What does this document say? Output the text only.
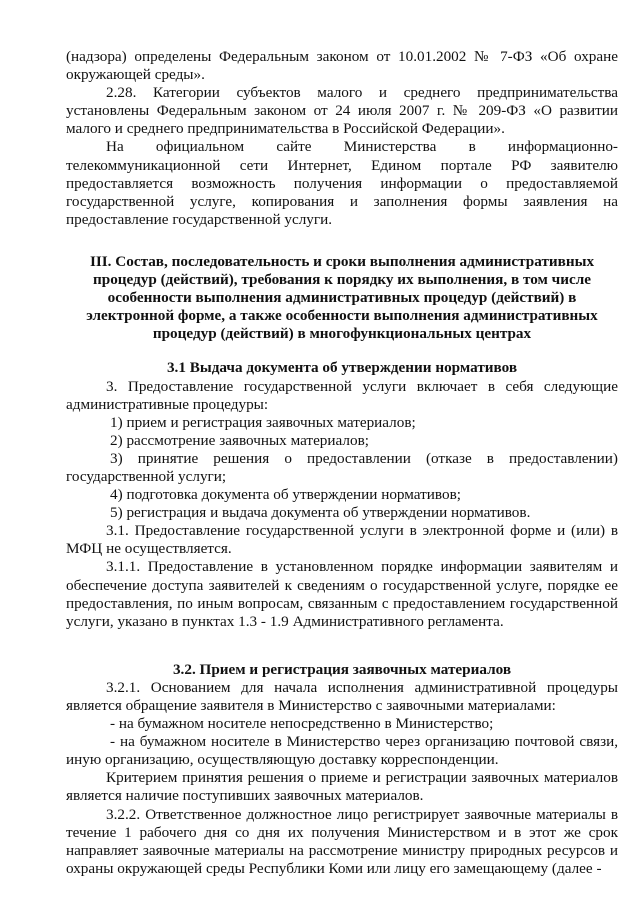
(надзора) определены Федеральным законом от 10.01.2002 № 7-ФЗ «Об охране окружающей среды».

2.28. Категории субъектов малого и среднего предпринимательства установлены Федеральным законом от 24 июля 2007 г. № 209-ФЗ «О развитии малого и среднего предпринимательства в Российской Федерации».

На официальном сайте Министерства в информационно-телекоммуникационной сети Интернет, Едином портале РФ заявителю предоставляется возможность получения информации о предоставляемой государственной услуге, копирования и заполнения формы заявления на предоставление государственной услуги.

III. Состав, последовательность и сроки выполнения административных процедур (действий), требования к порядку их выполнения, в том числе особенности выполнения административных процедур (действий) в электронной форме, а также особенности выполнения административных процедур (действий) в многофункциональных центрах

3.1 Выдача документа об утверждении нормативов

3. Предоставление государственной услуги включает в себя следующие административные процедуры:

1) прием и регистрация заявочных материалов;

2) рассмотрение заявочных материалов;

3) принятие решения о предоставлении (отказе в предоставлении) государственной услуги;

4) подготовка документа об утверждении нормативов;

5) регистрация и выдача документа об утверждении нормативов.

3.1. Предоставление государственной услуги в электронной форме и (или) в МФЦ не осуществляется.

3.1.1. Предоставление в установленном порядке информации заявителям и обеспечение доступа заявителей к сведениям о государственной услуге, порядке ее предоставления, по иным вопросам, связанным с предоставлением государственной услуги, указано в пунктах 1.3 - 1.9 Административного регламента.

3.2. Прием и регистрация заявочных материалов

3.2.1. Основанием для начала исполнения административной процедуры является обращение заявителя в Министерство с заявочными материалами:

- на бумажном носителе непосредственно в Министерство;

- на бумажном носителе в Министерство через организацию почтовой связи, иную организацию, осуществляющую доставку корреспонденции.

Критерием принятия решения о приеме и регистрации заявочных материалов является наличие поступивших заявочных материалов.

3.2.2. Ответственное должностное лицо регистрирует заявочные материалы в течение 1 рабочего дня со дня их получения Министерством и в этот же срок направляет заявочные материалы на рассмотрение министру природных ресурсов и охраны окружающей среды Республики Коми или лицу его замещающему (далее -
